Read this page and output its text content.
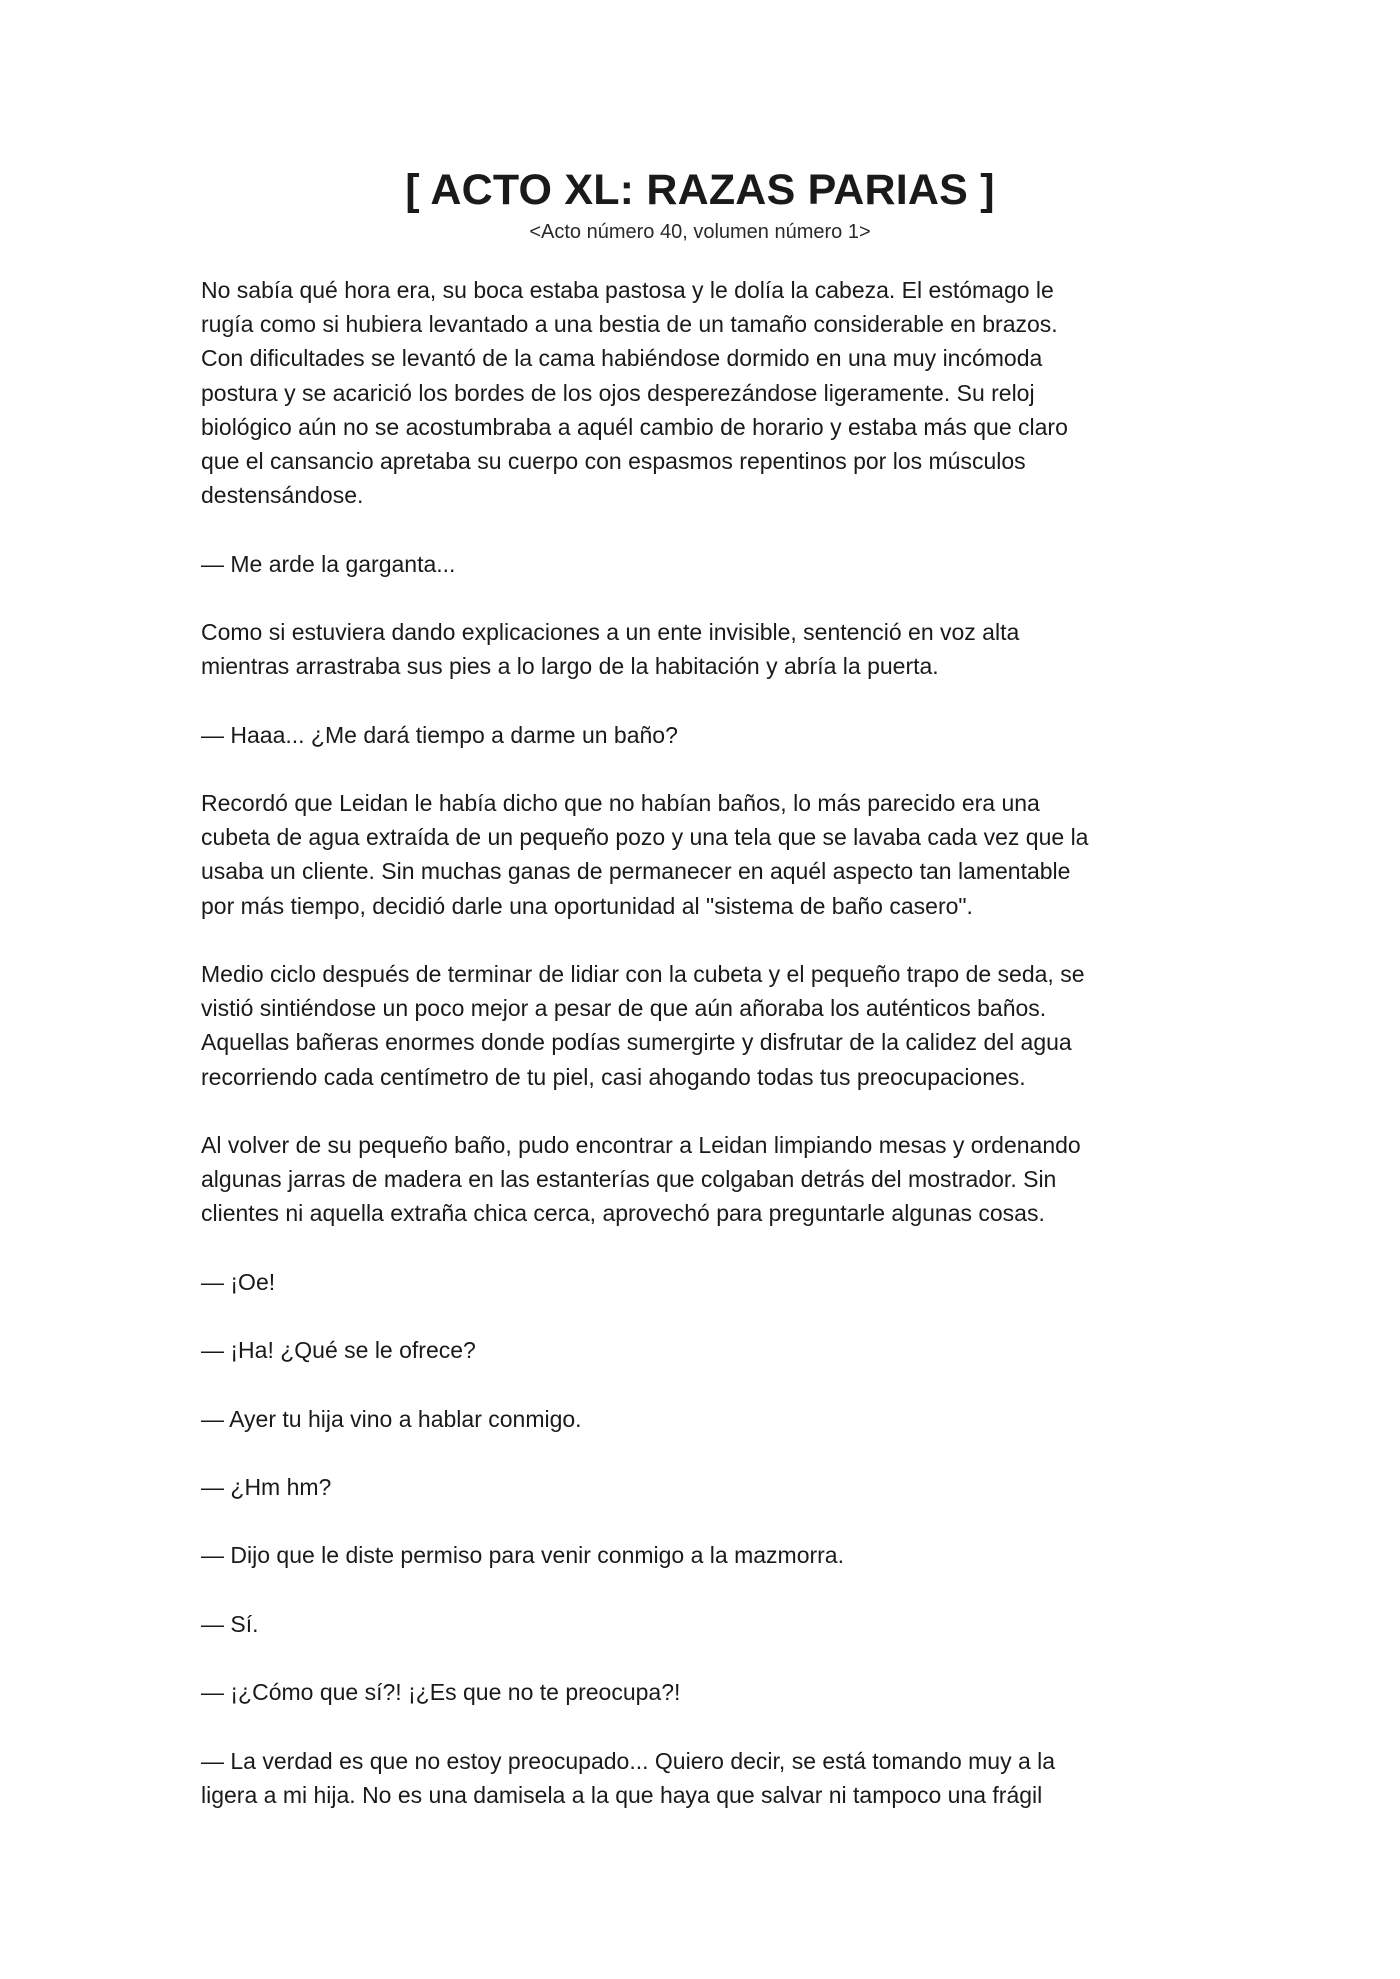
[ ACTO XL: RAZAS PARIAS ]
<Acto número 40, volumen número 1>

No sabía qué hora era, su boca estaba pastosa y le dolía la cabeza. El estómago le
rugía como si hubiera levantado a una bestia de un tamaño considerable en brazos.
Con dificultades se levantó de la cama habiéndose dormido en una muy incómoda
postura y se acarició los bordes de los ojos desperezándose ligeramente. Su reloj
biológico aún no se acostumbraba a aquél cambio de horario y estaba más que claro
que el cansancio apretaba su cuerpo con espasmos repentinos por los músculos
destensándose.

— Me arde la garganta...

Como si estuviera dando explicaciones a un ente invisible, sentenció en voz alta
mientras arrastraba sus pies a lo largo de la habitación y abría la puerta.

— Haaa... ¿Me dará tiempo a darme un baño?

Recordó que Leidan le había dicho que no habían baños, lo más parecido era una
cubeta de agua extraída de un pequeño pozo y una tela que se lavaba cada vez que la
usaba un cliente. Sin muchas ganas de permanecer en aquél aspecto tan lamentable
por más tiempo, decidió darle una oportunidad al "sistema de baño casero".

Medio ciclo después de terminar de lidiar con la cubeta y el pequeño trapo de seda, se
vistió sintiéndose un poco mejor a pesar de que aún añoraba los auténticos baños.
Aquellas bañeras enormes donde podías sumergirte y disfrutar de la calidez del agua
recorriendo cada centímetro de tu piel, casi ahogando todas tus preocupaciones.

Al volver de su pequeño baño, pudo encontrar a Leidan limpiando mesas y ordenando
algunas jarras de madera en las estanterías que colgaban detrás del mostrador. Sin
clientes ni aquella extraña chica cerca, aprovechó para preguntarle algunas cosas.

— ¡Oe!

— ¡Ha! ¿Qué se le ofrece?

— Ayer tu hija vino a hablar conmigo.

— ¿Hm hm?

— Dijo que le diste permiso para venir conmigo a la mazmorra.

— Sí.

— ¡¿Cómo que sí?! ¡¿Es que no te preocupa?!

— La verdad es que no estoy preocupado... Quiero decir, se está tomando muy a la
ligera a mi hija. No es una damisela a la que haya que salvar ni tampoco una frágil
